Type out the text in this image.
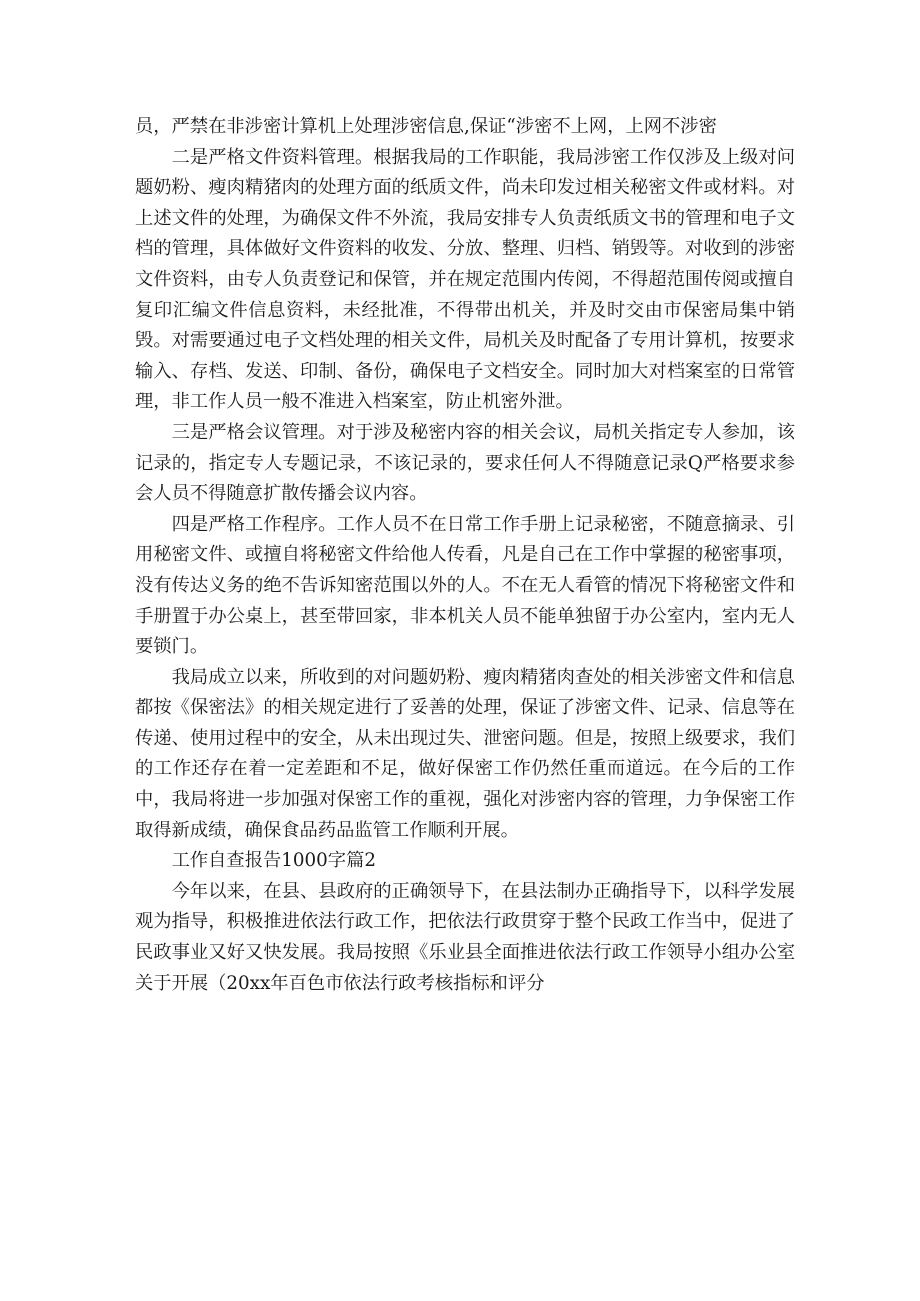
员，严禁在非涉密计算机上处理涉密信息,保证“涉密不上网，上网不涉密

二是严格文件资料管理。根据我局的工作职能，我局涉密工作仅涉及上级对问题奶粉、瘦肉精猪肉的处理方面的纸质文件，尚未印发过相关秘密文件或材料。对上述文件的处理，为确保文件不外流，我局安排专人负责纸质文书的管理和电子文档的管理，具体做好文件资料的收发、分放、整理、归档、销毁等。对收到的涉密文件资料，由专人负责登记和保管，并在规定范围内传阅，不得超范围传阅或擅自复印汇编文件信息资料，未经批准，不得带出机关，并及时交由市保密局集中销毁。对需要通过电子文档处理的相关文件，局机关及时配备了专用计算机，按要求输入、存档、发送、印制、备份，确保电子文档安全。同时加大对档案室的日常管理，非工作人员一般不准进入档案室，防止机密外泄。

三是严格会议管理。对于涉及秘密内容的相关会议，局机关指定专人参加，该记录的，指定专人专题记录，不该记录的，要求任何人不得随意记录Q严格要求参会人员不得随意扩散传播会议内容。

四是严格工作程序。工作人员不在日常工作手册上记录秘密，不随意摘录、引用秘密文件、或擅自将秘密文件给他人传看，凡是自己在工作中掌握的秘密事项，没有传达义务的绝不告诉知密范围以外的人。不在无人看管的情况下将秘密文件和手册置于办公桌上，甚至带回家，非本机关人员不能单独留于办公室内，室内无人要锁门。

我局成立以来，所收到的对问题奶粉、瘦肉精猪肉查处的相关涉密文件和信息都按《保密法》的相关规定进行了妥善的处理，保证了涉密文件、记录、信息等在传递、使用过程中的安全，从未出现过失、泄密问题。但是，按照上级要求，我们的工作还存在着一定差距和不足，做好保密工作仍然任重而道远。在今后的工作中，我局将进一步加强对保密工作的重视，强化对涉密内容的管理，力争保密工作取得新成绩，确保食品药品监管工作顺利开展。

工作自查报告1000字篇2

今年以来，在县、县政府的正确领导下，在县法制办正确指导下，以科学发展观为指导，积极推进依法行政工作，把依法行政贯穿于整个民政工作当中，促进了民政事业又好又快发展。我局按照《乐业县全面推进依法行政工作领导小组办公室关于开展（20xx年百色市依法行政考核指标和评分
